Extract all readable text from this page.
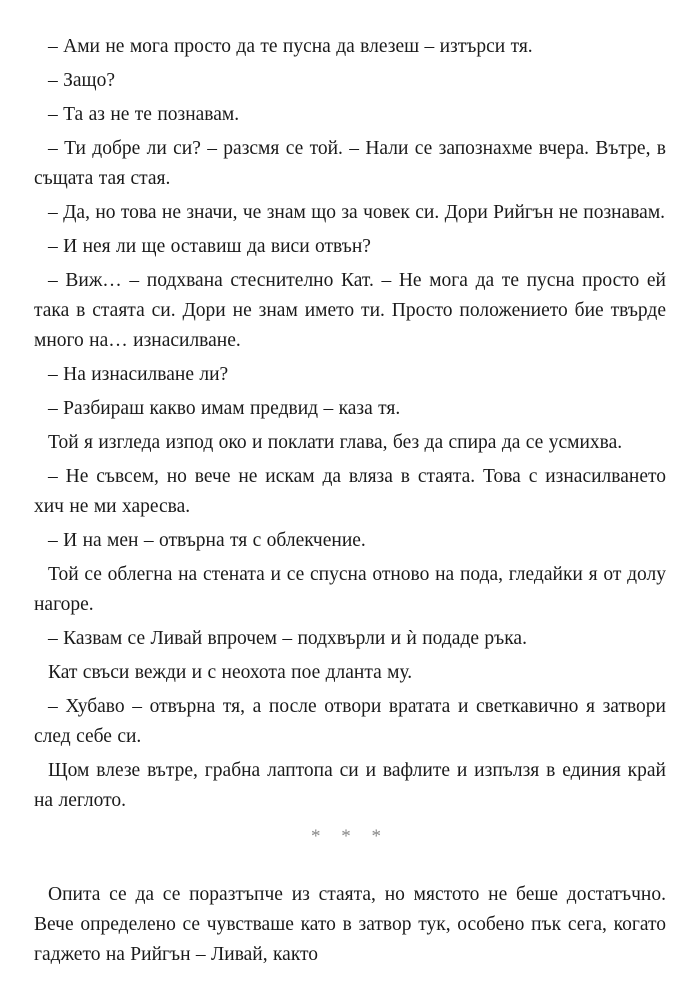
– Ами не мога просто да те пусна да влезеш – изтърси тя.

– Защо?

– Та аз не те познавам.

– Ти добре ли си? – разсмя се той. – Нали се запознахме вчера. Вътре, в същата тая стая.

– Да, но това не значи, че знам що за човек си. Дори Рийгън не познавам.

– И нея ли ще оставиш да виси отвън?

– Виж… – подхвана стеснително Кат. – Не мога да те пусна просто ей така в стаята си. Дори не знам името ти. Просто положението бие твърде много на… изнасилване.

– На изнасилване ли?

– Разбираш какво имам предвид – каза тя.

Той я изгледа изпод око и поклати глава, без да спира да се усмихва.

– Не съвсем, но вече не искам да вляза в стаята. Това с изнасилването хич не ми харесва.

– И на мен – отвърна тя с облекчение.

Той се облегна на стената и се спусна отново на пода, гледайки я от долу нагоре.

– Казвам се Ливай впрочем – подхвърли и ѝ подаде ръка.

Кат свъси вежди и с неохота пое дланта му.

– Хубаво – отвърна тя, а после отвори вратата и светкавично я затвори след себе си.

Щом влезе вътре, грабна лаптопа си и вафлите и изпълзя в единия край на леглото.

* * *

Опита се да се поразтъпче из стаята, но мястото не беше достатъчно. Вече определено се чувстваше като в затвор тук, особено пък сега, когато гаджето на Рийгън – Ливай, както
